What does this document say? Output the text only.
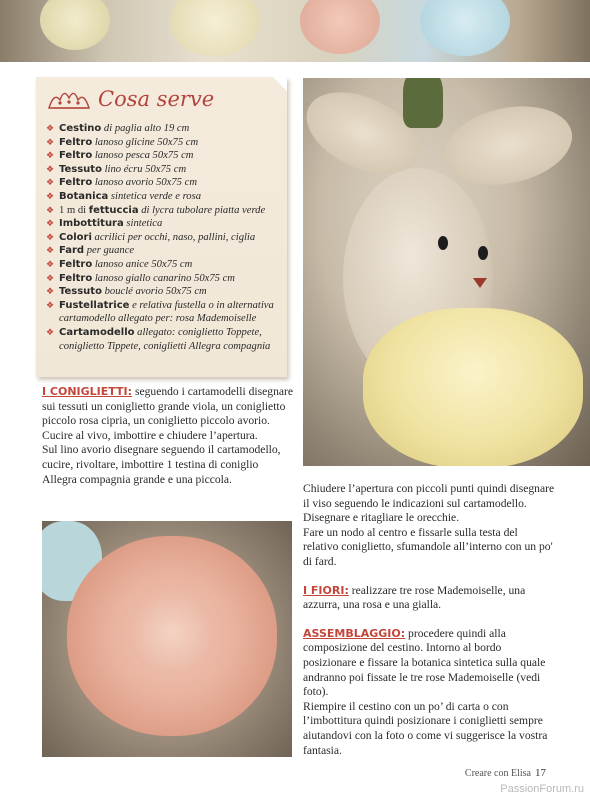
Cosa serve
❖ Cestino di paglia alto 19 cm
❖ Feltro lanoso glicine 50x75 cm
❖ Feltro lanoso pesca 50x75 cm
❖ Tessuto lino écru 50x75 cm
❖ Feltro lanoso avorio 50x75 cm
❖ Botanica sintetica verde e rosa
❖ 1 m di fettuccia di lycra tubolare piatta verde
❖ Imbottitura sintetica
❖ Colori acrilici per occhi, naso, pallini, ciglia
❖ Fard per guance
❖ Feltro lanoso anice 50x75 cm
❖ Feltro lanoso giallo canarino 50x75 cm
❖ Tessuto bouclé avorio 50x75 cm
❖ Fustellatrice e relativa fustella o in alternativa cartamodello allegato per: rosa Mademoiselle
❖ Cartamodello allegato: coniglietto Toppete, coniglietto Tippete, coniglietti Allegra compagnia

I CONIGLIETTI: seguendo i cartamodelli disegnare sui tessuti un coniglietto grande viola, un coniglietto piccolo rosa cipria, un coniglietto piccolo avorio.

Cucire al vivo, imbottire e chiudere l’apertura.

Sul lino avorio disegnare seguendo il cartamodello, cucire, rivoltare, imbottire 1 testina di coniglio Allegra compagnia grande e una piccola.

Chiudere l’apertura con piccoli punti quindi disegnare il viso seguendo le indicazioni sul cartamodello.

Disegnare e ritagliare le orecchie.

Fare un nodo al centro e fissarle sulla testa del relativo coniglietto, sfumandole all’interno con un po' di fard.

I FIORI: realizzare tre rose Mademoiselle, una azzurra, una rosa e una gialla.

ASSEMBLAGGIO: procedere quindi alla composizione del cestino. Intorno al bordo posizionare e fissare la botanica sintetica sulla quale andranno poi fissate le tre rose Mademoiselle (vedi foto).

Riempire il cestino con un po’ di carta o con l’imbottitura quindi posizionare i coniglietti sempre aiutandovi con la foto o come vi suggerisce la vostra fantasia.

Creare con Elisa 17
PassionForum.ru
